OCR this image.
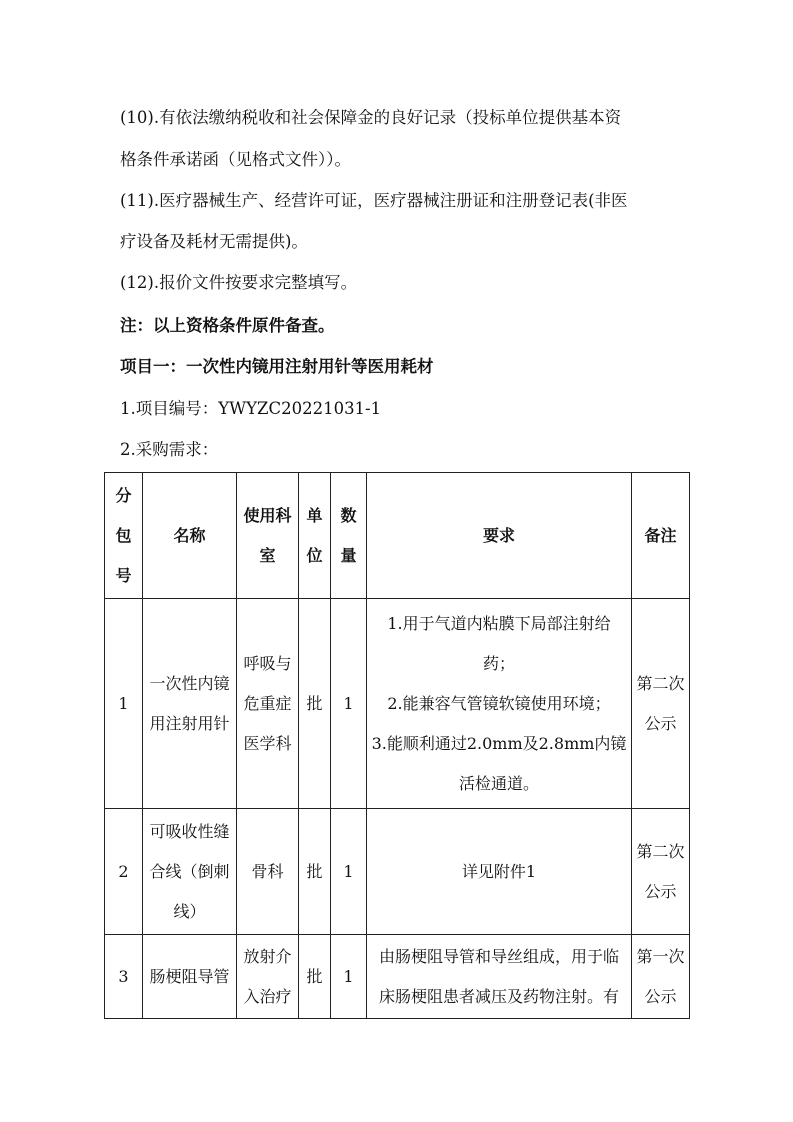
(10).有依法缴纳税收和社会保障金的良好记录（投标单位提供基本资
格条件承诺函（见格式文件））。
(11).医疗器械生产、经营许可证，医疗器械注册证和注册登记表(非医
疗设备及耗材无需提供)。
(12).报价文件按要求完整填写。
注：以上资格条件原件备查。
项目一：一次性内镜用注射用针等医用耗材
1.项目编号：YWYZC20221031-1
2.采购需求：
分
包
号	名称	使用科
室	单
位	数
量	要求	备注
1	一次性内镜
用注射用针	呼吸与
危重症
医学科	批	1	1.用于气道内粘膜下局部注射给
药；
2.能兼容气管镜软镜使用环境；
3.能顺利通过2.0mm及2.8mm内镜
活检通道。	第二次
公示

2	可吸收性缝
合线（倒刺
线）	骨科	批	1	详见附件1	第二次
公示

3	肠梗阻导管	放射介
入治疗	批	1	由肠梗阻导管和导丝组成，用于临
床肠梗阻患者减压及药物注射。有	第一次
公示
